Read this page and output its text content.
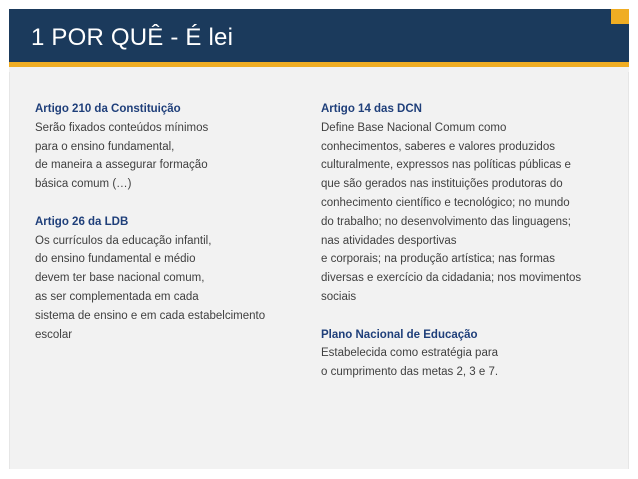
1 POR QUÊ - É lei
Artigo 210 da Constituição
Serão fixados conteúdos mínimos
para o ensino fundamental,
de maneira a assegurar formação
básica comum (…)
Artigo 26 da LDB
Os currículos da educação infantil,
do ensino fundamental e médio
devem ter base nacional comum,
as ser complementada em cada
sistema de ensino e em cada estabelcimento
escolar
Artigo 14 das DCN
Define Base Nacional Comum como
conhecimentos, saberes e valores produzidos
culturalmente, expressos nas políticas públicas e
que são gerados nas instituições produtoras do
conhecimento científico e tecnológico; no mundo
do trabalho; no desenvolvimento das linguagens;
nas atividades desportivas
e corporais; na produção artística; nas formas
diversas e exercício da cidadania; nos movimentos
sociais
Plano Nacional de Educação
Estabelecida como estratégia para
o cumprimento das metas 2, 3 e 7.
